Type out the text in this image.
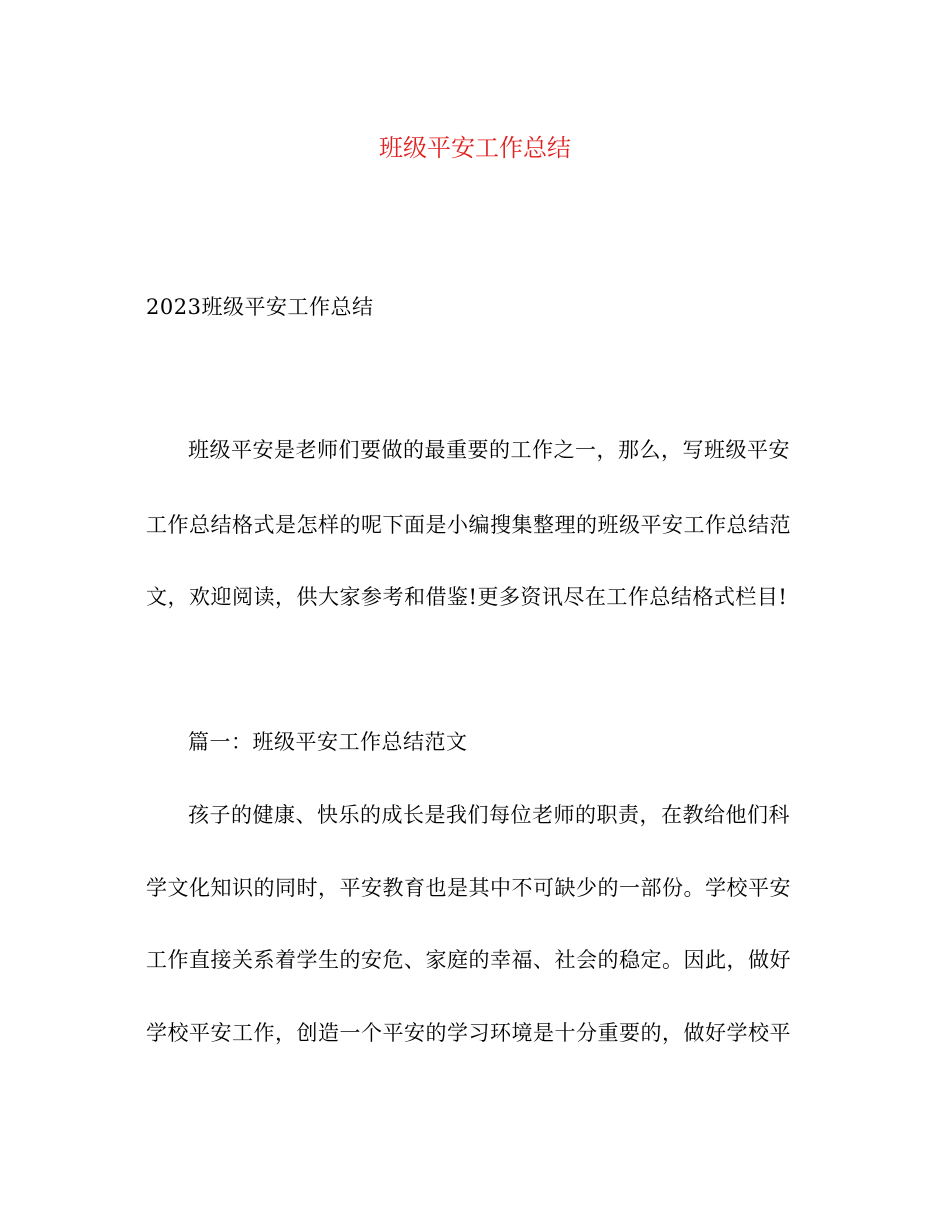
班级平安工作总结
2023班级平安工作总结
班级平安是老师们要做的最重要的工作之一，那么，写班级平安
工作总结格式是怎样的呢下面是小编搜集整理的班级平安工作总结范
文，欢迎阅读，供大家参考和借鉴!更多资讯尽在工作总结格式栏目!
篇一：班级平安工作总结范文
孩子的健康、快乐的成长是我们每位老师的职责，在教给他们科
学文化知识的同时，平安教育也是其中不可缺少的一部份。学校平安
工作直接关系着学生的安危、家庭的幸福、社会的稳定。因此，做好
学校平安工作，创造一个平安的学习环境是十分重要的，做好学校平
